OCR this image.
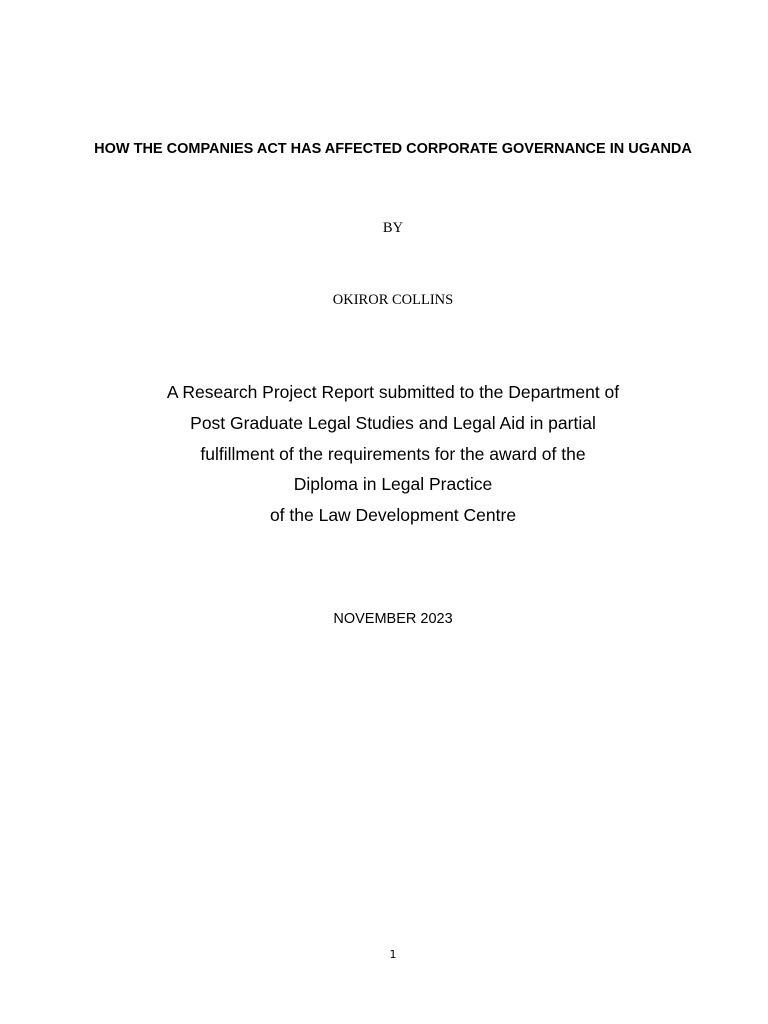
HOW THE COMPANIES ACT HAS AFFECTED CORPORATE GOVERNANCE IN UGANDA
BY
OKIROR COLLINS
A Research Project Report submitted to the Department of
Post Graduate Legal Studies and Legal Aid in partial
fulfillment of the requirements for the award of the
Diploma in Legal Practice
of the Law Development Centre
NOVEMBER 2023
1
